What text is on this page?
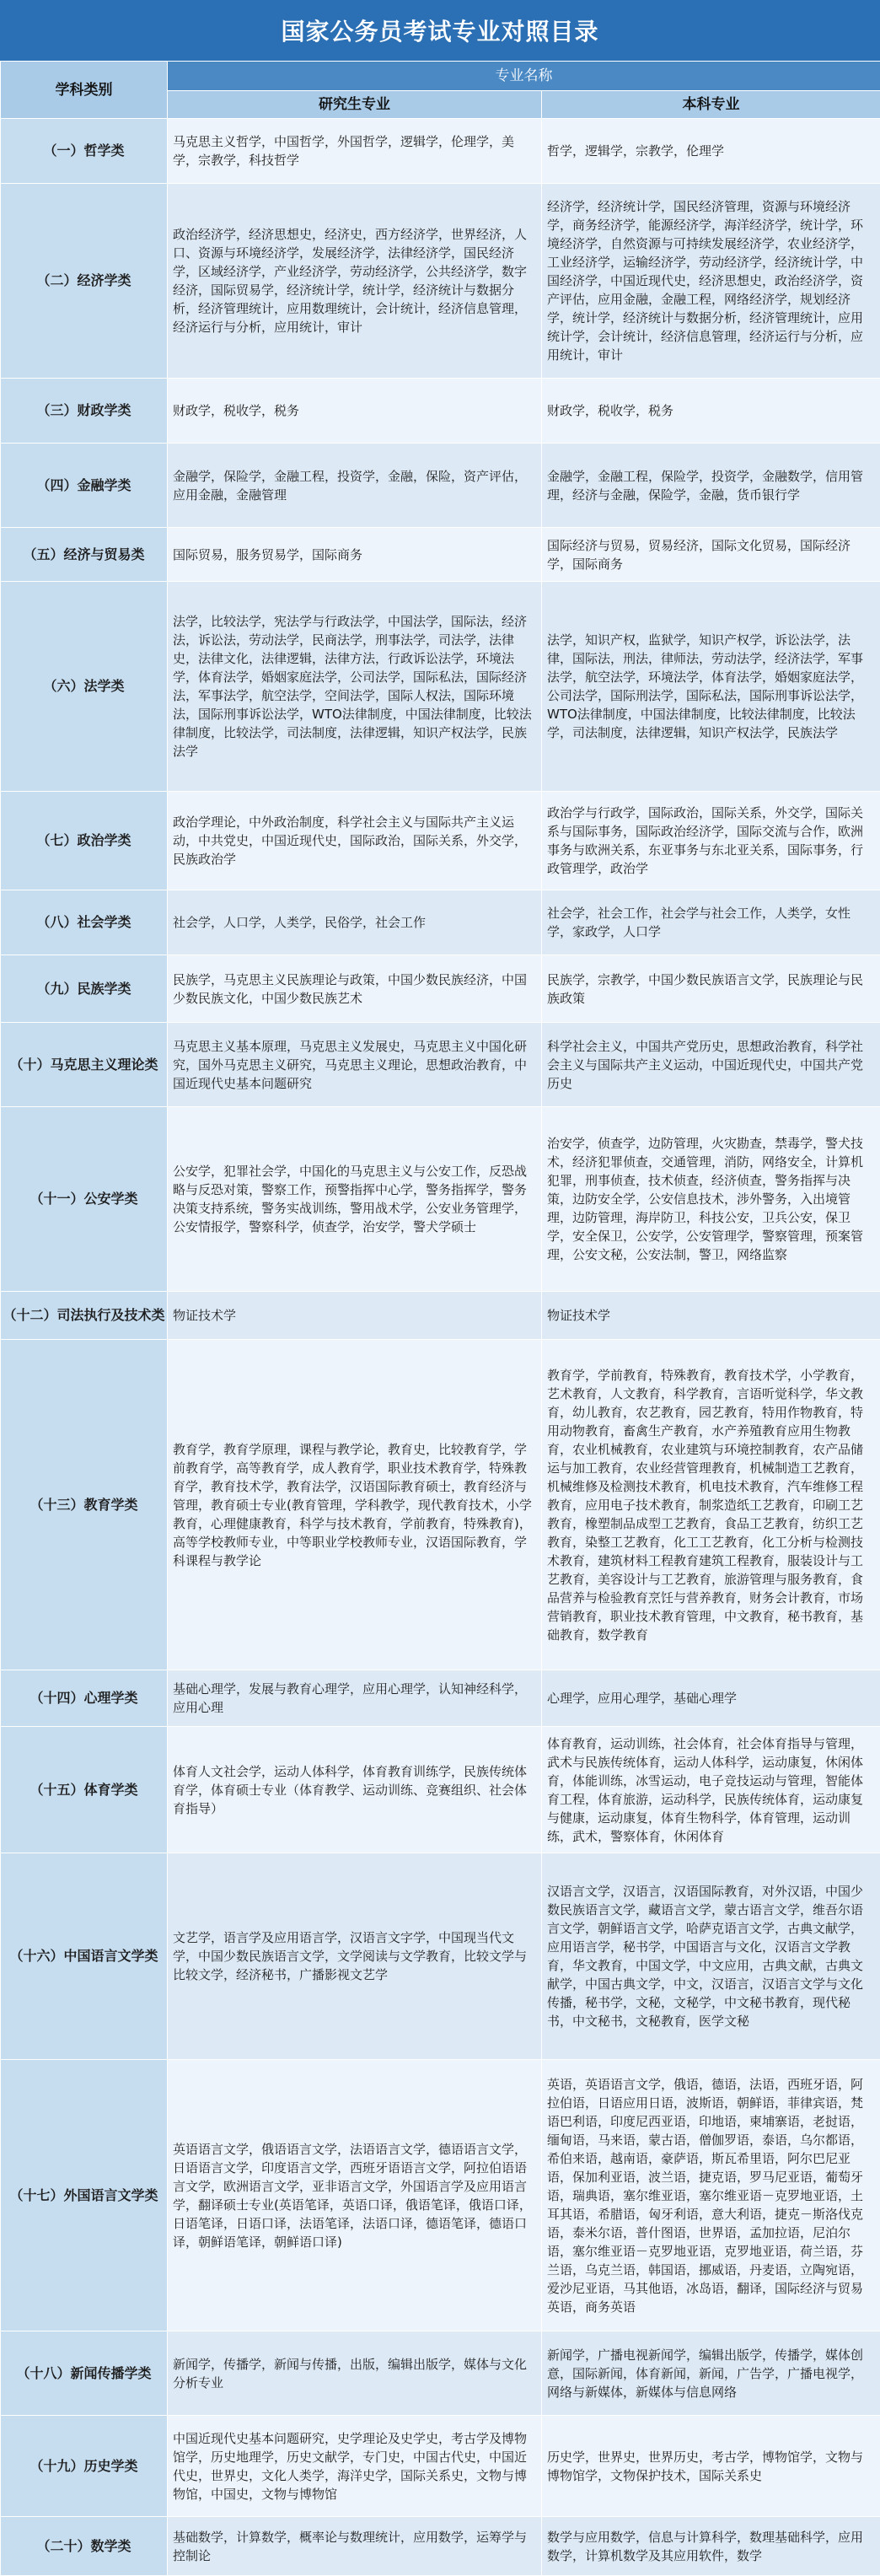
国家公务员考试专业对照目录
学科类别	专业名称	
	研究生专业	本科专业
（一）哲学类	马克思主义哲学，中国哲学，外国哲学，逻辑学，伦理学，美学，宗教学，科技哲学	哲学，逻辑学，宗教学，伦理学
（二）经济学类	政治经济学，经济思想史，经济史，西方经济学，世界经济，人口、资源与环境经济学，发展经济学，法律经济学，国民经济学，区域经济学，产业经济学，劳动经济学，公共经济学，数字经济，国际贸易学，经济统计学，统计学，经济统计与数据分析，经济管理统计，应用数理统计，会计统计，经济信息管理，经济运行与分析，应用统计，审计	经济学，经济统计学，国民经济管理，资源与环境经济学，商务经济学，能源经济学，海洋经济学，统计学，环境经济学，自然资源与可持续发展经济学，农业经济学，工业经济学，运输经济学，劳动经济学，经济统计学，中国经济学，中国近现代史，经济思想史，政治经济学，资产评估，应用金融，金融工程，网络经济学，规划经济学，统计学，经济统计与数据分析，经济管理统计，应用统计学，会计统计，经济信息管理，经济运行与分析，应用统计，审计
（三）财政学类	财政学，税收学，税务	财政学，税收学，税务
（四）金融学类	金融学，保险学，金融工程，投资学，金融，保险，资产评估，应用金融，金融管理	金融学，金融工程，保险学，投资学，金融数学，信用管理，经济与金融，保险学，金融，货币银行学
（五）经济与贸易类	国际贸易，服务贸易学，国际商务	国际经济与贸易，贸易经济，国际文化贸易，国际经济学，国际商务
（六）法学类	法学，比较法学，宪法学与行政法学，中国法学，国际法，经济法，诉讼法，劳动法学，民商法学，刑事法学，司法学，法律史，法律文化，法律逻辑，法律方法，行政诉讼法学，环境法学，体育法学，婚姻家庭法学，公司法学，国际私法，国际经济法，军事法学，航空法学，空间法学，国际人权法，国际环境法，国际刑事诉讼法学，WTO法律制度，中国法律制度，比较法律制度，比较法学，司法制度，法律逻辑，知识产权法学，民族法学	法学，知识产权，监狱学，知识产权学，诉讼法学，法律，国际法，刑法，律师法，劳动法学，经济法学，军事法学，航空法学，环境法学，体育法学，婚姻家庭法学，公司法学，国际刑法学，国际私法，国际刑事诉讼法学，WTO法律制度，中国法律制度，比较法律制度，比较法学，司法制度，法律逻辑，知识产权法学，民族法学
（七）政治学类	政治学理论，中外政治制度，科学社会主义与国际共产主义运动，中共党史，中国近现代史，国际政治，国际关系，外交学，民族政治学	政治学与行政学，国际政治，国际关系，外交学，国际关系与国际事务，国际政治经济学，国际交流与合作，欧洲事务与欧洲关系，东亚事务与东北亚关系，国际事务，行政管理学，政治学
（八）社会学类	社会学，人口学，人类学，民俗学，社会工作	社会学，社会工作，社会学与社会工作，人类学，女性学，家政学，人口学
（九）民族学类	民族学，马克思主义民族理论与政策，中国少数民族经济，中国少数民族文化，中国少数民族艺术	民族学，宗教学，中国少数民族语言文学，民族理论与民族政策
（十）马克思主义理论类	马克思主义基本原理，马克思主义发展史，马克思主义中国化研究，国外马克思主义研究，马克思主义理论，思想政治教育，中国近现代史基本问题研究	科学社会主义，中国共产党历史，思想政治教育，科学社会主义与国际共产主义运动，中国近现代史，中国共产党历史
（十一）公安学类	公安学，犯罪社会学，中国化的马克思主义与公安工作，反恐战略与反恐对策，警察工作，预警指挥中心学，警务指挥学，警务决策支持系统，警务实战训练，警用战术学，公安业务管理学，公安情报学，警察科学，侦查学，治安学，警犬学硕士	治安学，侦查学，边防管理，火灾勘查，禁毒学，警犬技术，经济犯罪侦查，交通管理，消防，网络安全，计算机犯罪，刑事侦查，技术侦查，经济侦查，警务指挥与决策，边防安全学，公安信息技术，涉外警务，入出境管理，边防管理，海岸防卫，科技公安，卫兵公安，保卫学，安全保卫，公安学，公安管理学，警察管理，预案管理，公安文秘，公安法制，警卫，网络监察
（十二）司法执行及技术类	物证技术学	物证技术学
（十三）教育学类	教育学，教育学原理，课程与教学论，教育史，比较教育学，学前教育学，高等教育学，成人教育学，职业技术教育学，特殊教育学，教育技术学，教育法学，汉语国际教育硕士，教育经济与管理，教育硕士专业(教育管理，学科教学，现代教育技术，小学教育，心理健康教育，科学与技术教育，学前教育，特殊教育)，高等学校教师专业，中等职业学校教师专业，汉语国际教育，学科课程与教学论	教育学，学前教育，特殊教育，教育技术学，小学教育，艺术教育，人文教育，科学教育，言语听觉科学，华文教育，幼儿教育，农艺教育，园艺教育，特用作物教育，特用动物教育，畜禽生产教育，水产养殖教育应用生物教育，农业机械教育，农业建筑与环境控制教育，农产品储运与加工教育，农业经营管理教育，机械制造工艺教育，机械维修及检测技术教育，机电技术教育，汽车维修工程教育，应用电子技术教育，制浆造纸工艺教育，印刷工艺教育，橡塑制品成型工艺教育，食品工艺教育，纺织工艺教育，染整工艺教育，化工工艺教育，化工分析与检测技术教育，建筑材料工程教育建筑工程教育，服装设计与工艺教育，美容设计与工艺教育，旅游管理与服务教育，食品营养与检验教育烹饪与营养教育，财务会计教育，市场营销教育，职业技术教育管理，中文教育，秘书教育，基础教育，数学教育
（十四）心理学类	基础心理学，发展与教育心理学，应用心理学，认知神经科学，应用心理	心理学，应用心理学，基础心理学
（十五）体育学类	体育人文社会学，运动人体科学，体育教育训练学，民族传统体育学，体育硕士专业（体育教学、运动训练、竞赛组织、社会体育指导）	体育教育，运动训练，社会体育，社会体育指导与管理，武术与民族传统体育，运动人体科学，运动康复，休闲体育，体能训练，冰雪运动，电子竞技运动与管理，智能体育工程，体育旅游，运动科学，民族传统体育，运动康复与健康，运动康复，体育生物科学，体育管理，运动训练，武术，警察体育，休闲体育
（十六）中国语言文学类	文艺学，语言学及应用语言学，汉语言文字学，中国现当代文学，中国少数民族语言文学，文学阅读与文学教育，比较文学与比较文学，经济秘书，广播影视文艺学	汉语言文学，汉语言，汉语国际教育，对外汉语，中国少数民族语言文学，藏语言文学，蒙古语言文学，维吾尔语言文学，朝鲜语言文学，哈萨克语言文学，古典文献学，应用语言学，秘书学，中国语言与文化，汉语言文学教育，华文教育，中国文学，中文应用，古典文献，古典文献学，中国古典文学，中文，汉语言，汉语言文学与文化传播，秘书学，文秘，文秘学，中文秘书教育，现代秘书，中文秘书，文秘教育，医学文秘
（十七）外国语言文学类	英语语言文学，俄语语言文学，法语语言文学，德语语言文学，日语语言文学，印度语言文学，西班牙语语言文学，阿拉伯语语言文学，欧洲语言文学，亚非语言文学，外国语言学及应用语言学，翻译硕士专业(英语笔译，英语口译，俄语笔译，俄语口译，日语笔译，日语口译，法语笔译，法语口译，德语笔译，德语口译，朝鲜语笔译，朝鲜语口译)	英语，英语语言文学，俄语，德语，法语，西班牙语，阿拉伯语，日语应用日语，波斯语，朝鲜语，菲律宾语，梵语巴利语，印度尼西亚语，印地语，柬埔寨语，老挝语，缅甸语，马来语，蒙古语，僧伽罗语，泰语，乌尔都语，希伯来语，越南语，豪萨语，斯瓦希里语，阿尔巴尼亚语，保加利亚语，波兰语，捷克语，罗马尼亚语，葡萄牙语，瑞典语，塞尔维亚语，塞尔维亚语－克罗地亚语，土耳其语，希腊语，匈牙利语，意大利语，捷克－斯洛伐克语，泰米尔语，普什图语，世界语，孟加拉语，尼泊尔语，塞尔维亚语－克罗地亚语，克罗地亚语，荷兰语，芬兰语，乌克兰语，韩国语，挪威语，丹麦语，立陶宛语，爱沙尼亚语，马其他语，冰岛语，翻译，国际经济与贸易英语，商务英语
（十八）新闻传播学类	新闻学，传播学，新闻与传播，出版，编辑出版学，媒体与文化分析专业	新闻学，广播电视新闻学，编辑出版学，传播学，媒体创意，国际新闻，体育新闻，新闻，广告学，广播电视学，网络与新媒体，新媒体与信息网络
（十九）历史学类	中国近现代史基本问题研究，史学理论及史学史，考古学及博物馆学，历史地理学，历史文献学，专门史，中国古代史，中国近代史，世界史，文化人类学，海洋史学，国际关系史，文物与博物馆，中国史，文物与博物馆	历史学，世界史，世界历史，考古学，博物馆学，文物与博物馆学，文物保护技术，国际关系史
（二十）数学类	基础数学，计算数学，概率论与数理统计，应用数学，运筹学与控制论	数学与应用数学，信息与计算科学，数理基础科学，应用数学，计算机数学及其应用软件，数学
